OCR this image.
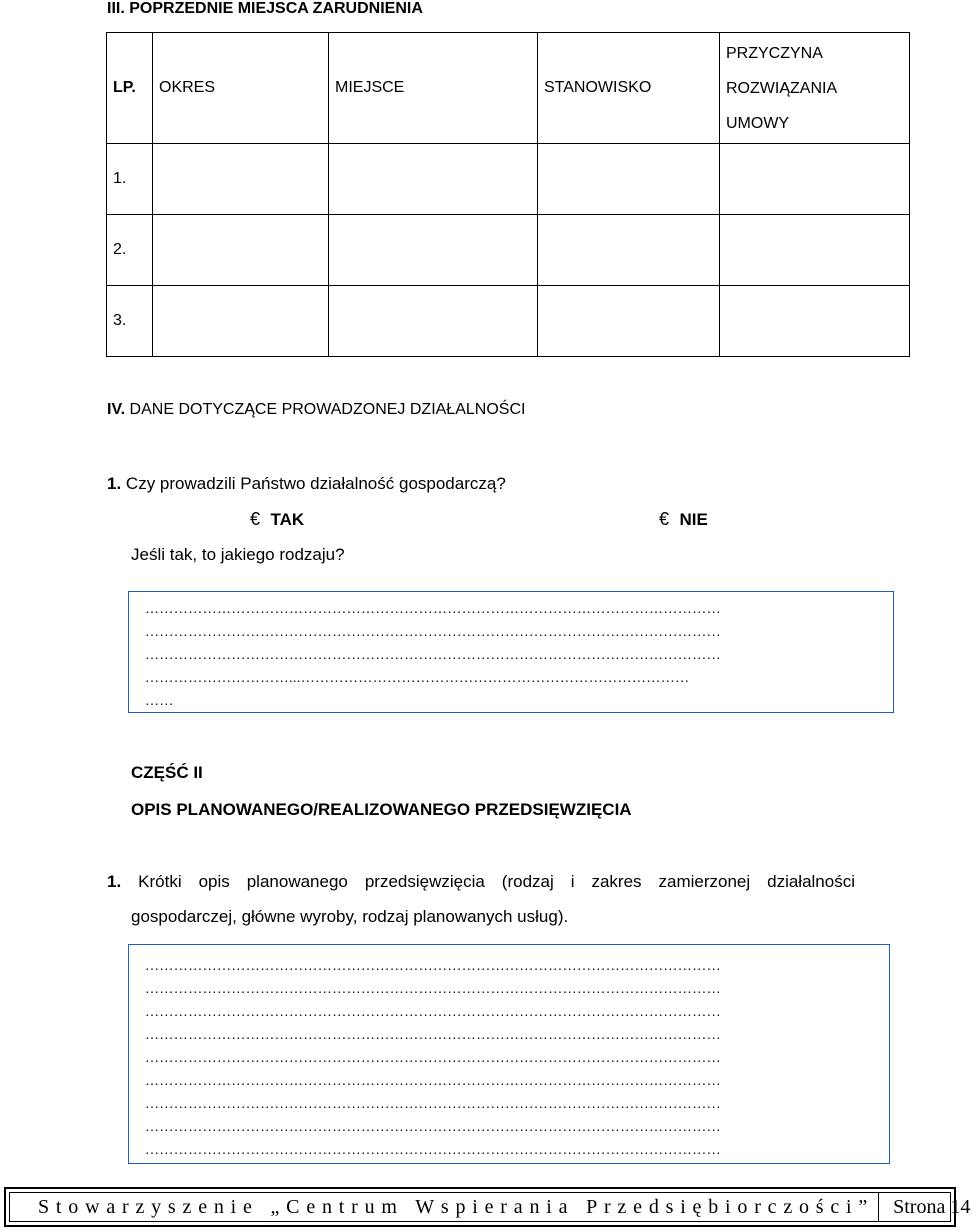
III. POPRZEDNIE MIEJSCA ZARUDNIENIA
LP.	OKRES	MIEJSCE	STANOWISKO	PRZYCZYNA
ROZWIĄZANIA
UMOWY

1.				
2.				
3.				
IV. DANE DOTYCZĄCE PROWADZONEJ DZIAŁALNOŚCI
1. Czy prowadzili Państwo działalność gospodarczą?
€ TAK	€ NIE
Jeśli tak, to jakiego rodzaju?
…………………………………………………………………………………………………………
…………………………………………………………………………………………………………
…………………………………………………………………………………………………………
…………………………...………………………………………………………………………
……
CZĘŚĆ II
OPIS PLANOWANEGO/REALIZOWANEGO PRZEDSIĘWZIĘCIA
1. Krótki opis planowanego przedsięwzięcia (rodzaj i zakres zamierzonej działalności
gospodarczej, główne wyroby, rodzaj planowanych usług).
…………………………………………………………………………………………………………
…………………………………………………………………………………………………………
…………………………………………………………………………………………………………
…………………………………………………………………………………………………………
…………………………………………………………………………………………………………
…………………………………………………………………………………………………………
…………………………………………………………………………………………………………
…………………………………………………………………………………………………………
…………………………………………………………………………………………………………
Stowarzyszenie „Centrum Wspierania Przedsiębiorczości” Strona 14
